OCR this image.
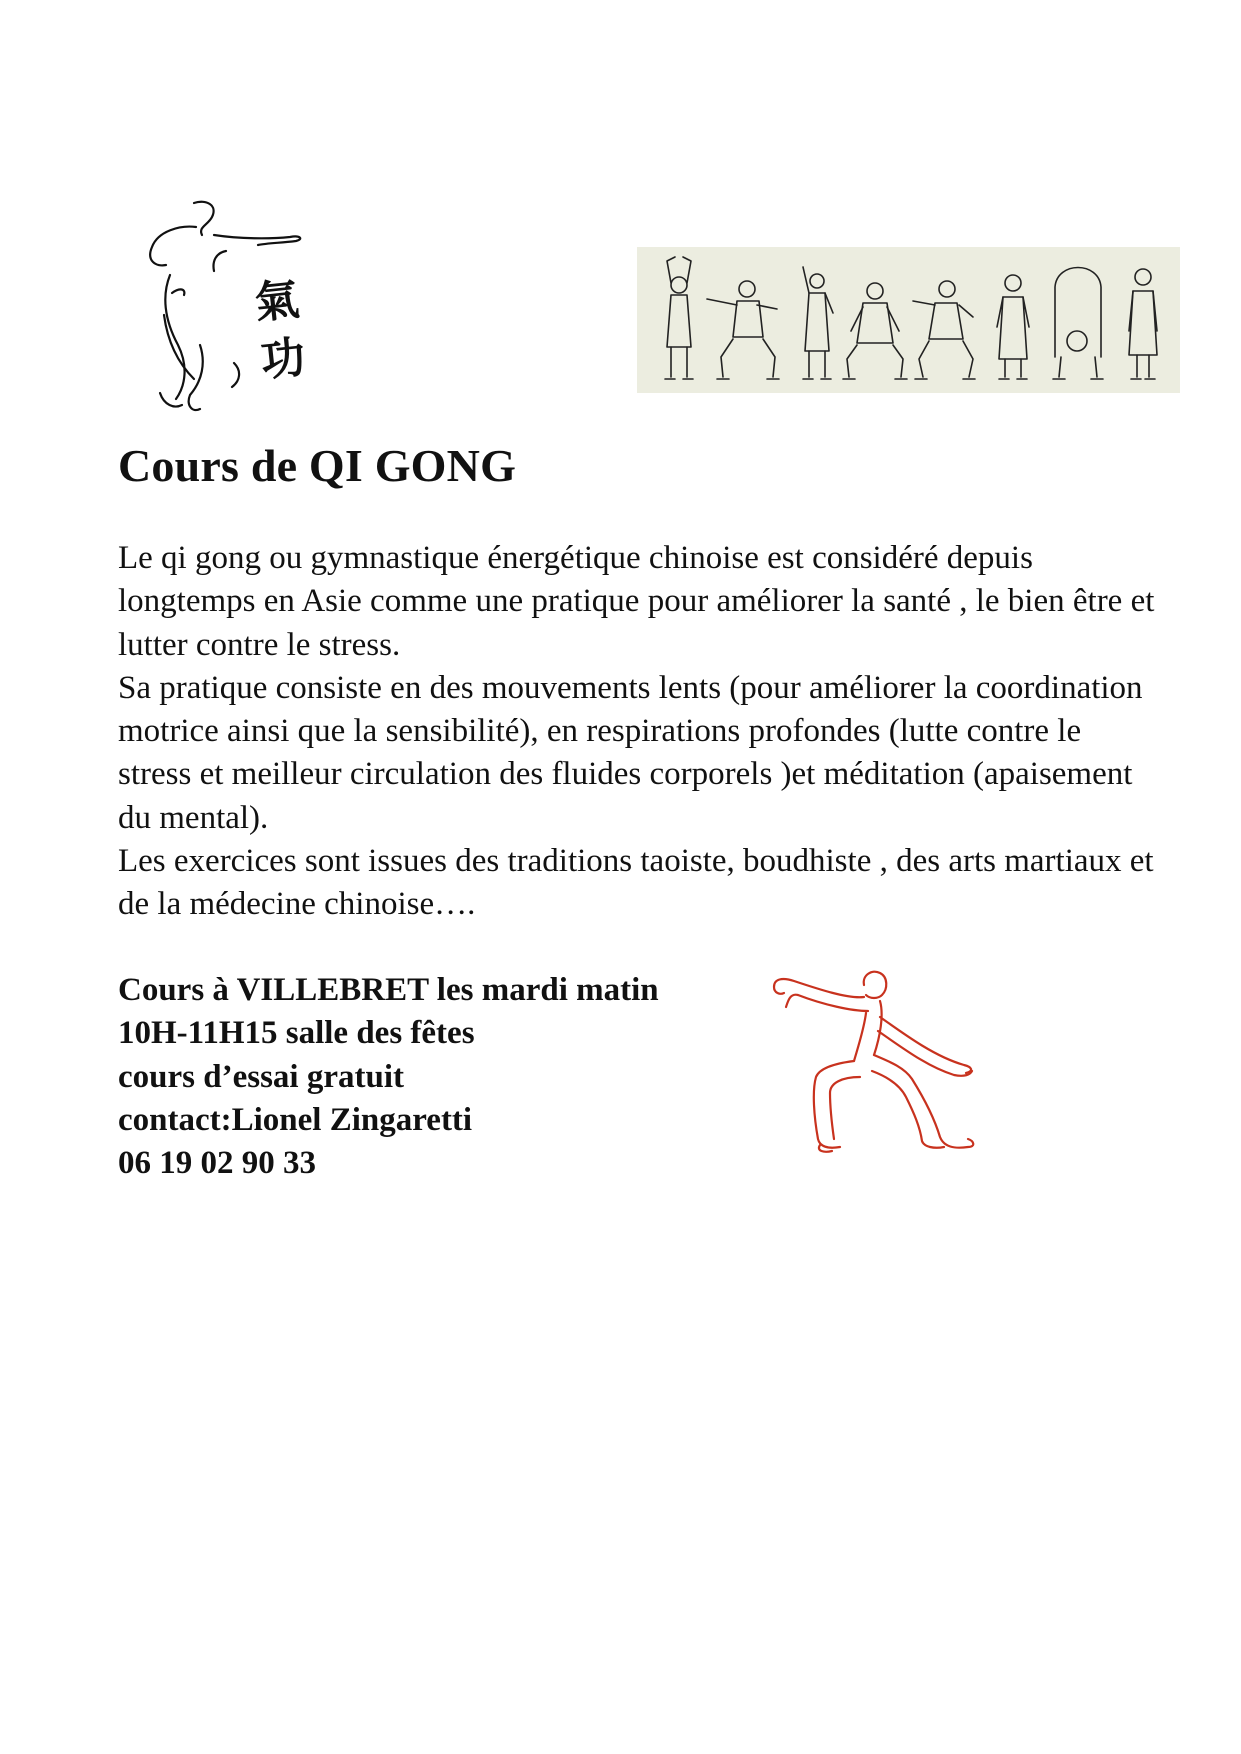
氣
功
Cours de QI GONG

Le qi gong ou gymnastique énergétique chinoise est considéré depuis longtemps en Asie comme une pratique pour améliorer la santé , le bien être et lutter contre le stress.

Sa pratique consiste en des mouvements lents (pour améliorer la coordination motrice ainsi que la sensibilité), en respirations profondes (lutte contre le stress et meilleur circulation des fluides corporels )et méditation (apaisement du mental).

Les exercices sont issues des traditions taoiste, boudhiste , des arts martiaux et de la médecine chinoise….

Cours à VILLEBRET les mardi matin
10H-11H15 salle des fêtes
cours d’essai gratuit
contact:Lionel Zingaretti
06 19 02 90 33
